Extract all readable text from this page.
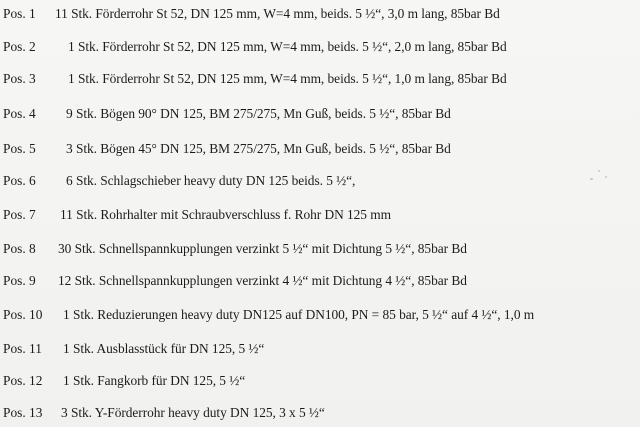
Pos. 1 11 Stk. Förderrohr St 52, DN 125 mm, W=4 mm, beids. 5 ½“, 3,0 m lang, 85bar Bd
Pos. 2 1 Stk. Förderrohr St 52, DN 125 mm, W=4 mm, beids. 5 ½“, 2,0 m lang, 85bar Bd
Pos. 3 1 Stk. Förderrohr St 52, DN 125 mm, W=4 mm, beids. 5 ½“, 1,0 m lang, 85bar Bd
Pos. 4 9 Stk. Bögen 90° DN 125, BM 275/275, Mn Guß, beids. 5 ½“, 85bar Bd
Pos. 5 3 Stk. Bögen 45° DN 125, BM 275/275, Mn Guß, beids. 5 ½“, 85bar Bd
Pos. 6 6 Stk. Schlagschieber heavy duty DN 125 beids. 5 ½“,
Pos. 7 11 Stk. Rohrhalter mit Schraubverschluss f. Rohr DN 125 mm
Pos. 8 30 Stk. Schnellspannkupplungen verzinkt 5 ½“ mit Dichtung 5 ½“, 85bar Bd
Pos. 9 12 Stk. Schnellspannkupplungen verzinkt 4 ½“ mit Dichtung 4 ½“, 85bar Bd
Pos. 10 1 Stk. Reduzierungen heavy duty DN125 auf DN100, PN = 85 bar, 5 ½“ auf 4 ½“, 1,0 m
Pos. 11 1 Stk. Ausblasstück für DN 125, 5 ½“
Pos. 12 1 Stk. Fangkorb für DN 125, 5 ½“
Pos. 13 3 Stk. Y-Förderrohr heavy duty DN 125, 3 x 5 ½“
